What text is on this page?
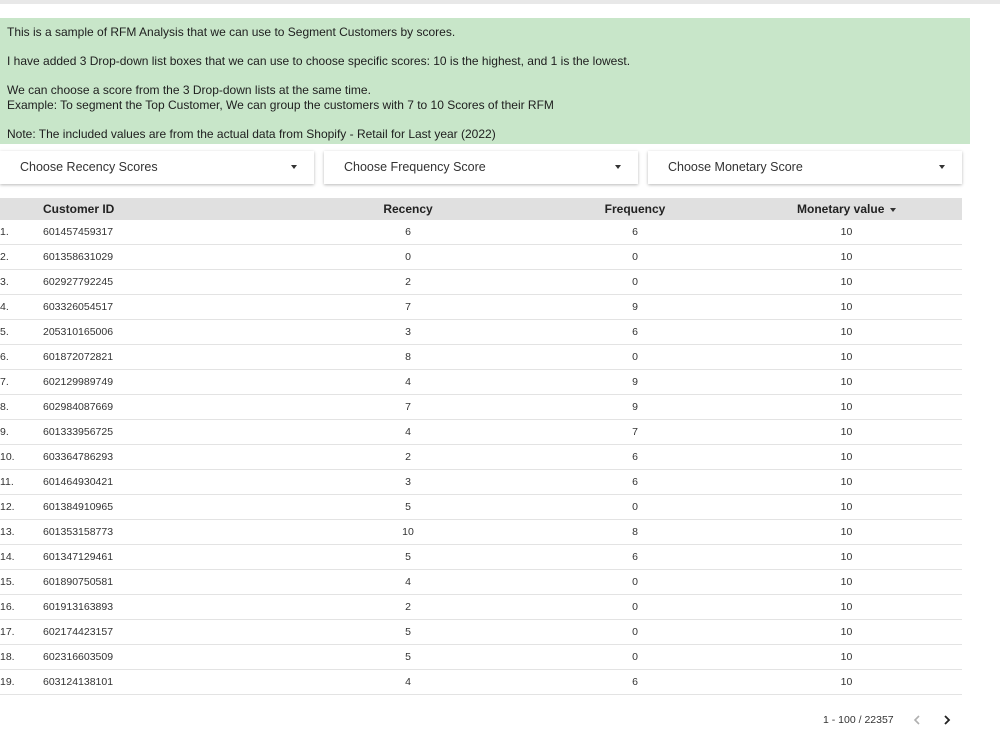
This is a sample of RFM Analysis that we can use to Segment Customers by scores.

I have added 3 Drop-down list boxes that we can use to choose specific scores: 10 is the highest, and 1 is the lowest.

We can choose a score from the 3 Drop-down lists at the same time.

Example: To segment the Top Customer, We can group the customers with 7 to 10 Scores of their RFM

Note: The included values are from the actual data from Shopify - Retail for Last year (2022)

Choose Recency Scores	Choose Frequency Score	Choose Monetary Score
Customer ID	Recency	Frequency	Monetary value
1.	601457459317	6	6	10
2.	601358631029	0	0	10
3.	602927792245	2	0	10
4.	603326054517	7	9	10
5.	205310165006	3	6	10
6.	601872072821	8	0	10
7.	602129989749	4	9	10
8.	602984087669	7	9	10
9.	601333956725	4	7	10
10.	603364786293	2	6	10
11.	601464930421	3	6	10
12.	601384910965	5	0	10
13.	601353158773	10	8	10
14.	601347129461	5	6	10
15.	601890750581	4	0	10
16.	601913163893	2	0	10
17.	602174423157	5	0	10
18.	602316603509	5	0	10
19.	603124138101	4	6	10
1 - 100 / 22357
